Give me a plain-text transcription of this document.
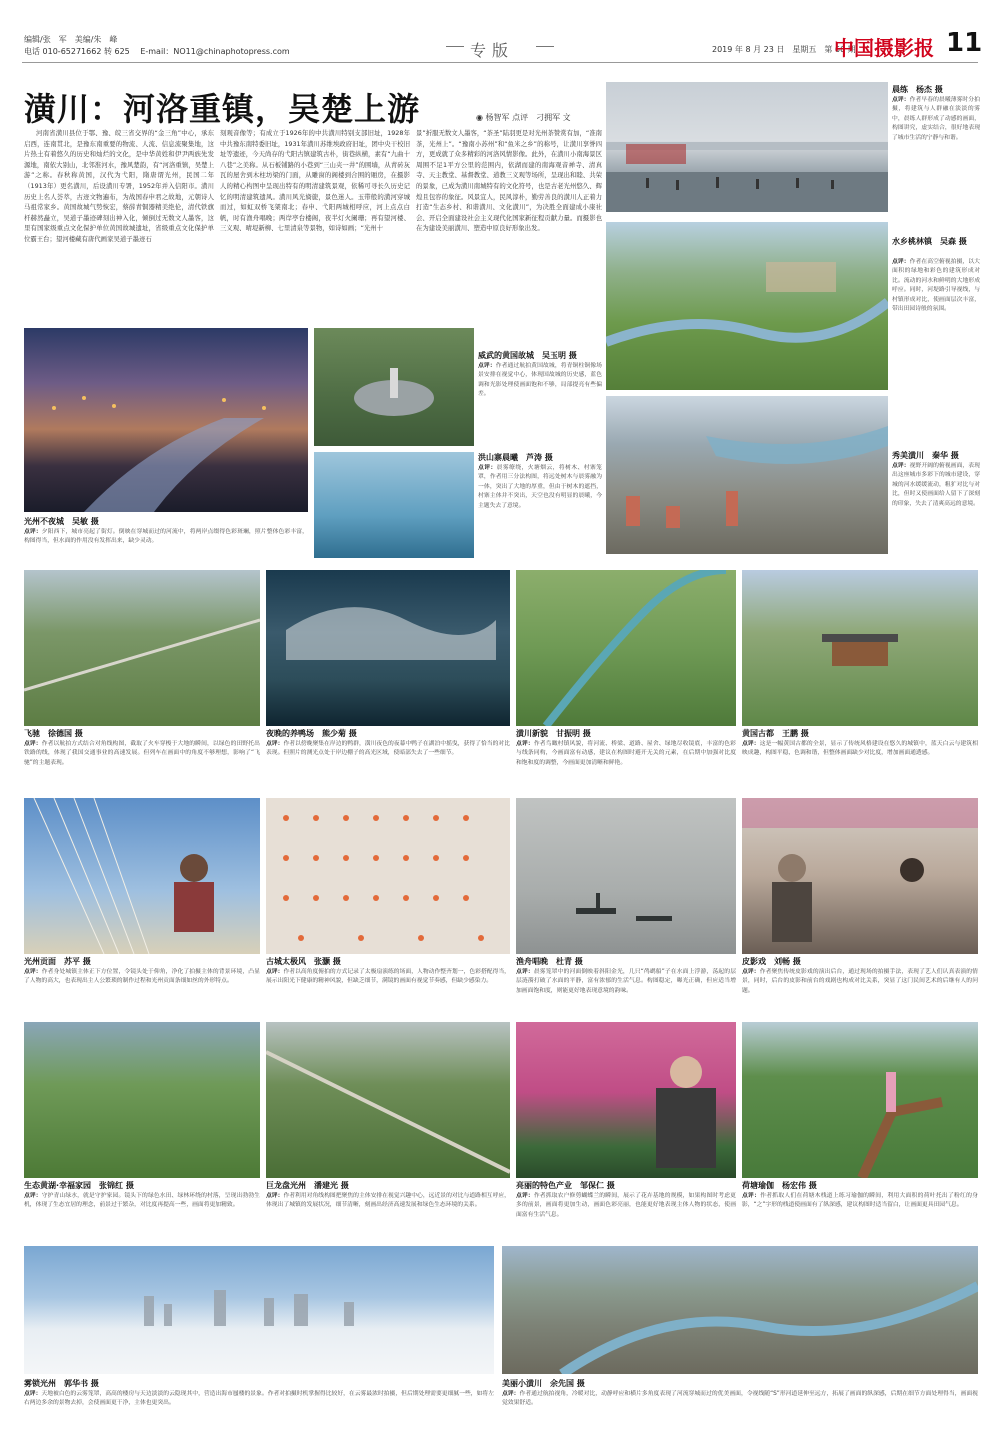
编辑/张　军　美编/朱　峰
电话 010-65271662 转 625　 E-mail：NO11@chinaphotopress.com	专版	2019 年 8 月 23 日　星期五　第 66 期
中国摄影报 11
潢川：河洛重镇，吴楚上游	◉ 杨智军 点评　刁拥军 文
河南省潢川县位于鄂、豫、皖三省交界的“金三角”中心，承东启西，连南贯北，是豫东南重要的物流、人流、信息流聚集地，这片热土有着悠久的历史和灿烂的文化，是中华黄姓和伊尹两族先发源地，南依大别山，北邻淮河水，豫风楚韵，有“河洛重镇，吴楚上游”之称。春秋称黄国，汉代为弋阳，隋唐谓光州，民国二年（1913年）更名潢川，后设潢川专署，1952年并入信阳市。潢川历史上名人荟萃，古迹文物遍布，为战国春申君之故地，元朝诗人马祖常家乡。黄国故城气势恢宏，蔡薛青铜器精美绝伦，清代铁旗杆赫然矗立，吴道子墨迹碑刻出神入化，倾倒过无数文人墨客，这里有国家级重点文化保护单位黄国故城遗址，省级重点文化保护单位霸王台；望河楼藏有唐代画家吴道子墨迹石
刻观音像等；有成立于1926年的中共潢川特别支部旧址，1928年中共豫东南特委旧址，1931年潢川苏维埃政府旧址，团中央干校旧址等遗迹，今天尚存的弋阳古镇建筑古朴，街巷纵横，素有“九曲十八巷”之美称。从石板铺路的小巷到“三山夹一井”的围墙，从青砖灰瓦的屋舍到木柱坊梁的门面，从雕窗的阁楼到合围的厢房，在摄影人的精心构图中呈现出特有的明清建筑景观，依稀可寻长久历史记忆的明清建筑遗风。潢川风光旖旎，景色迷人。玉带般的潢河穿城而过，如虹双桥飞架南北；春申、弋阳两城相呼应，河上点点白帆，时有渔舟唱晚；两岸亭台楼阁，夜半灯火阑珊；再有望河楼、三义观、晴堤新柳、七里清泉等景物，如诗如画；“光州十
景”折服无数文人墨客，“茶圣”陆羽更是对光州茶赞赏有加，“准南茶，光州上”。“豫南小苏州”和“鱼米之乡”的称号，让潢川享誉四方，更成就了众多精彩的河洛风情影像。此外，在潢川小南海景区周围不足1平方公里的范围内，依湖而建的南海观音禅寺、清真寺、天主教堂、基督教堂、道教三义观等场所，呈现出和睦、共荣的景象，已成为潢川南城特有的文化符号，也是古老光州悠久、辉煌且包容的象征。风景宜人，民风淳朴，勤劳善良的潢川人正着力打造“生态乡村、和谐潢川、文化潢川”，为决胜全面建成小康社会、开启全面建设社会主义现代化国家新征程贡献力量。而摄影也在为建设美丽潢川、塑造中原良好形象出发。
晨练　杨杰 摄
点评：作者早春的晨曦薄雾时分拍摄，将建筑与人群融在淡淡的雾中，晨练人群形成了动感的画面，构图讲究，虚实结合，很好地表现了城市生活的宁静与和谐。
水乡桃林镇　吴森 摄
点评：作者在高空俯视拍摄，以大面积的绿地和彩色的建筑形成对比。流动的河水和鲜明的大地形成呼应。同时，河堤路引导视线，与村镇形成对比，使画面层次丰富，带出田园诗般的氛围。
光州不夜城　吴敏 摄
点评：夕阳西下，城市亮起了街灯。倒映在穿城而过的河流中，将两岸点缀得色彩斑斓，照片整体色彩丰富，构图得当，但水面的作用没有发挥出来，缺少灵动。
威武的黄国故城　吴玉明 摄
点评：作者通过航拍黄国故城，将青铜柱铜像场景安排在视觉中心，体现国故城的历史感，蓝色调和光影处理使画面饱和不够，局部提亮有些偏差。
洪山寨晨曦　芦涛 摄
点评：晨雾缭绕，火塘烟云，将树木、村寨笼罩，作者用三分法构图，将远处树木与晨雾融为一体，突出了大地的厚重，但由于树木的遮挡，村寨主体并不突出，天空也没有明显的晨曦，今主题失去了意境。
秀美潢川　秦华 摄
点评：视野开阔的俯视画面，表现出这座城市多彩下的城市建设，穿城的河水缓缓流动，粗犷对比与对比，但时又使画面给人留下了深刻的印象，失去了清爽高远的意境。
飞驰　徐德国 摄
点评：作者以航拍方式结合对角线构图，截取了火车穿梭于大地的瞬间，以绿色的田野托出铁路的线，体现了我国交通事业的高速发展。但列车在画面中的角度不够理想，影响了“飞驰”的主题表现。
夜晚的养鸭场　熊少菊 摄
点评：作者以傍晚聚集在岸边的鸭群，潢川夜色的夜幕中鸭子在湖泊中摇曳，获得了恰当的对比表现。但照片的测光点处于岸边棚子的高光区域，使暗部失去了一些细节。
潢川新貌　甘振明 摄
点评：作者鸟瞰村镇风貌，将河流、桥梁、道路、屋舍、绿地尽收镜底，丰富的色彩与线条同构，今画面富有动感，建议在构图时避开无关的元素，在后期中加强对比度和饱和度的调整，今画面更加清晰和鲜艳。
黄国古都　王鹏 摄
点评：这是一幅黄国古都的全景，显示了传统风格建设在悠久的城镇中，蓝天白云与建筑相映成趣，构图平稳，色调和谐，但整体画面缺少对比度，增加画面通透感。
光州贡面　苏平 摄
点评：作者身处城镇主体正下方位置，令镜头处于仰角，净化了拍摄主体的背景环境，凸显了人物的高大，也表现出主人公繁琐的制作过程和光州贡面条细如丝的外形特点。
古城太极风　张灏 摄
点评：作者以高角度俯拍的方式记录了太极扇演练的场面，人物动作整齐划一，色彩搭配得当，展示出阳光下健康的精神风貌，但缺乏细节，满镜的画面有视觉节奏感，但缺少感染力。
渔舟唱晚　杜青 摄
点评：晨雾笼罩中的河面倒映着斜阳金光，几只“鸬鹚船”子在水面上浮游，荡起的层层涟漪打破了水面的平静，富有浓郁的生活气息。构图稳定，曝光正确，但应适当增加画面饱和度，则能更好地表现意境的韵味。
皮影戏　刘畅 摄
点评：作者聚焦传统皮影戏的演出后台，通过现场的拍摄手法，表现了艺人们认真表演的情景，同时，后台的皮影和前台的戏剧也构成对比关系，突显了这门民间艺术的后继有人的问题。
生态黄湖·幸福家园　张锦红 摄
点评：守护青山绿水，就是守护家园。镜头下的绿色水田、绿林环绕的村落，呈现出勃勃生机，体现了生态宜居的理念，前景过于繁杂，对比度再提高一些，画面将更加精致。
巨龙盘光州　潘建光 摄
点评：作者利用对角线构图把聚焦的主体安排在视觉兴趣中心，远近景的对比与道路相互呼应，体现出了城镇的发展状况，细节清晰，刻画出经济高速发展和绿色生态环境的关系。
亮丽的特色产业　邹保仁 摄
点评：作者抓取农户修剪蝴蝶兰的瞬间，展示了花卉基地的规模，如果构图时考虑更多的前景，画面将更加生动，画面色彩亮丽，也能更好地表现主体人物的状态，使画面富有生活气息。
荷塘瑜伽　杨宏伟 摄
点评：作者抓取人们在荷塘木栈道上练习瑜伽的瞬间，利用大面积的荷叶托出了粉红的身影，“之”字形的栈道使画面有了纵深感，建议构图时适当留白，让画面更具田园气息。
雾锁光州　郭华书 摄
点评：天地被白色的云雾笼罩，高高的楼房与天边淡淡的云隐现其中，营造出海市蜃楼的景象。作者对拍摄时机掌握得比较好，在云雾最浓时拍摄，但后期处理需要更细腻一些，如将左右两边多余的景物去掉，会使画面更干净，主体也更突出。
美丽小潢川　余先国 摄
点评：作者通过航拍视角，冷暖对比，动静呼应和横片多角度表现了河流穿城而过的优美画面，令视线随“S”形河道延伸至远方，拓展了画面的纵深感，后期在细节方面处理得当，画面视觉效果舒适。
